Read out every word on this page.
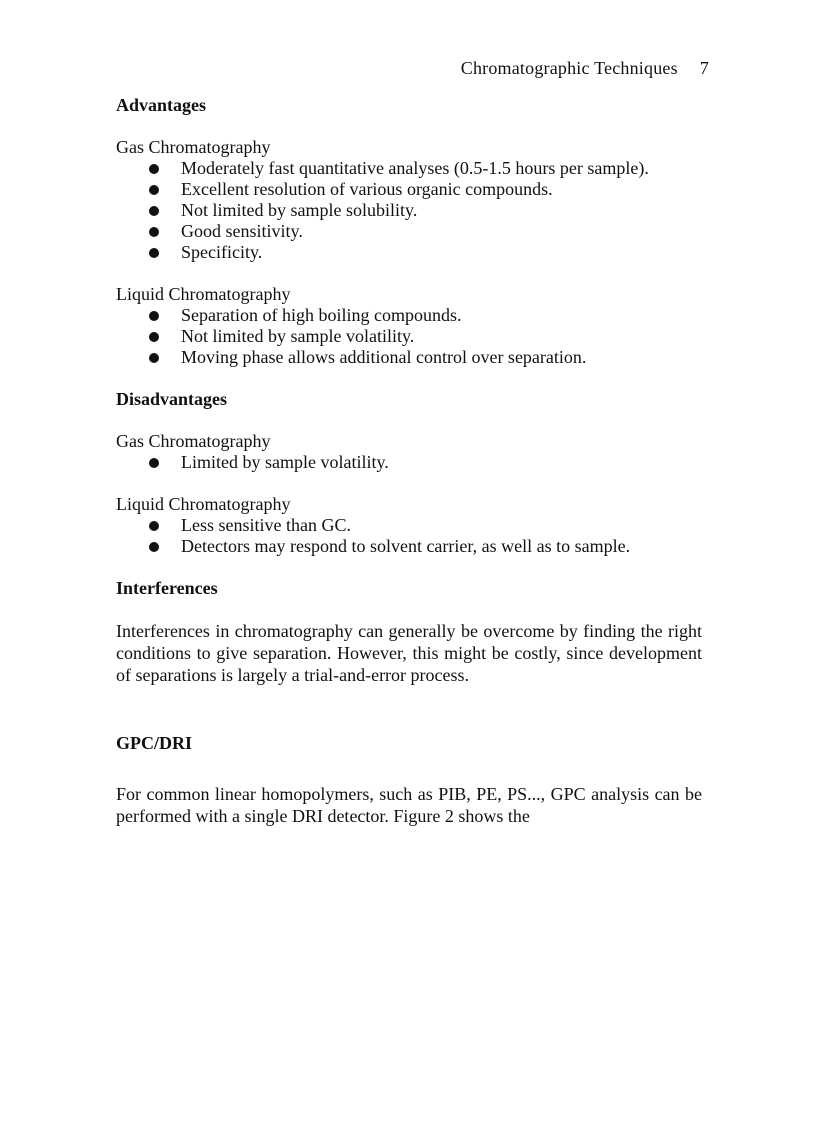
Chromatographic Techniques 7
Advantages

Gas Chromatography

Moderately fast quantitative analyses (0.5-1.5 hours per sample).
Excellent resolution of various organic compounds.
Not limited by sample solubility.
Good sensitivity.
Specificity.

Liquid Chromatography

Separation of high boiling compounds.
Not limited by sample volatility.
Moving phase allows additional control over separation.
Disadvantages

Gas Chromatography

Limited by sample volatility.

Liquid Chromatography

Less sensitive than GC.
Detectors may respond to solvent carrier, as well as to sample.
Interferences

Interferences in chromatography can generally be overcome by finding the right conditions to give separation. However, this might be costly, since development of separations is largely a trial-and-error process.

GPC/DRI

For common linear homopolymers, such as PIB, PE, PS..., GPC analysis can be performed with a single DRI detector. Figure 2 shows the
